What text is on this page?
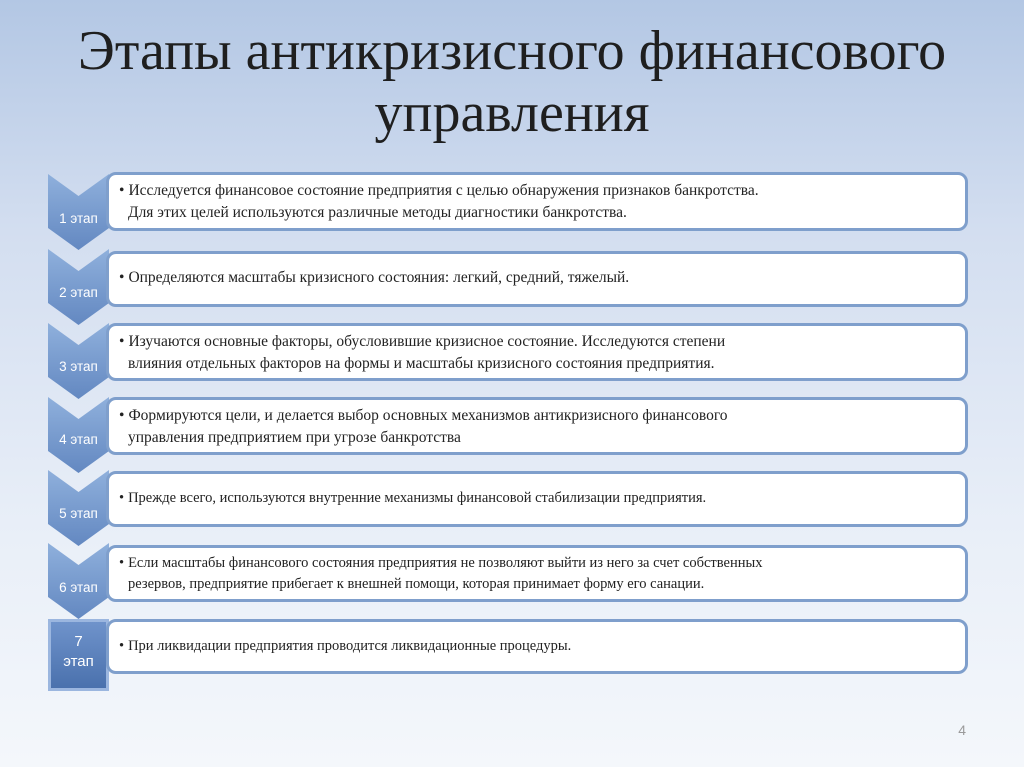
Этапы антикризисного финансового управления
1 этап
• Исследуется финансовое состояние предприятия с целью обнаружения признаков банкротства.
Для этих целей используются различные методы диагностики банкротства.
2 этап
• Определяются масштабы кризисного состояния: легкий, средний, тяжелый.
3 этап
• Изучаются основные факторы, обусловившие кризисное состояние. Исследуются степени
влияния отдельных факторов на формы и масштабы кризисного состояния предприятия.
4 этап
• Формируются цели, и делается выбор основных механизмов антикризисного финансового
управления предприятием при угрозе банкротства
5 этап
• Прежде всего, используются внутренние механизмы финансовой стабилизации предприятия.
6 этап
• Если масштабы финансового состояния предприятия не позволяют выйти из него за счет собственных
резервов, предприятие прибегает к внешней помощи, которая принимает форму его санации.
7
этап
• При ликвидации предприятия проводится ликвидационные процедуры.
4
